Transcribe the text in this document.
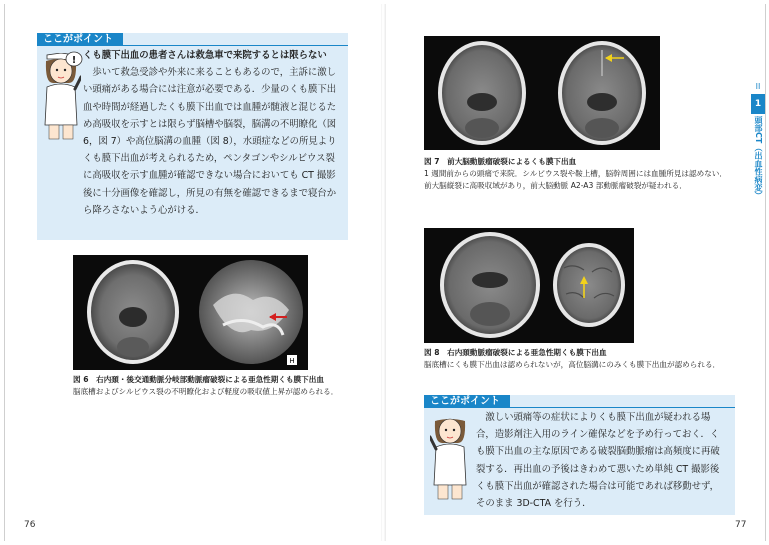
ここがポイント
! くも膜下出血の患者さんは救急車で来院するとは限らない

歩いて救急受診や外来に来ることもあるので，主訴に激しい頭痛がある場合には注意が必要である．少量のくも膜下出血や時間が経過したくも膜下出血では血腫が髄液と混じるため高吸収を示すとは限らず脳槽や脳裂，脳溝の不明瞭化（図 6，図 7）や高位脳溝の血腫（図 8），水頭症などの所見よりくも膜下出血が考えられるため，ペンタゴンやシルビウス裂に高吸収を示す血腫が確認できない場合においても CT 撮影後に十分画像を確認し，所見の有無を確認できるまで寝台から降ろさないよう心がける．

H
図 6　右内頚・後交通動脈分岐部動脈瘤破裂による亜急性期くも膜下出血
脳底槽およびシルビウス裂の不明瞭化および軽度の吸収値上昇が認められる．
76
図 7　前大脳動脈瘤破裂によるくも膜下出血
1 週間前からの頭痛で来院．シルビウス裂や鞍上槽，脳幹周囲には血腫所見は認めない．
前大脳縦裂に高吸収域があり，前大脳動脈 A2-A3 部動脈瘤破裂が疑われる．
図 8　右内頚動脈瘤破裂による亜急性期くも膜下出血
脳底槽にくも膜下出血は認められないが，高位脳溝にのみくも膜下出血が認められる．
ここがポイント

激しい頭痛等の症状によりくも膜下出血が疑われる場合，造影剤注入用のライン確保などを予め行っておく．くも膜下出血の主な原因である破裂脳動脈瘤は高頻度に再破裂する．再出血の予後はきわめて悪いため単純 CT 撮影後くも膜下出血が確認された場合は可能であれば移動せず，そのまま 3D-CTA を行う．

77
II
1
頭部CT（出血性病変）
